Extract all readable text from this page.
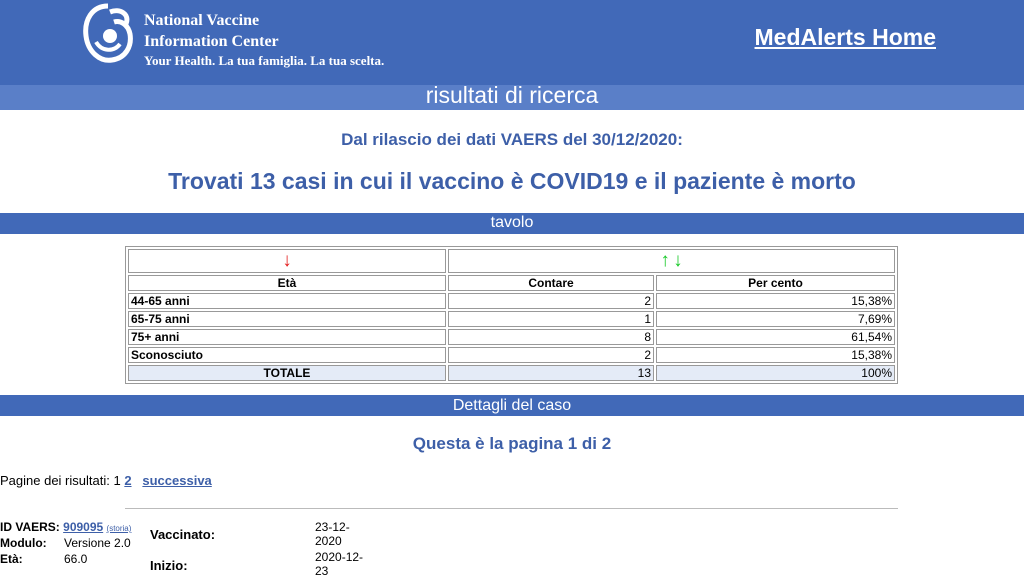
National Vaccine
Information Center
Your Health. La tua famiglia. La tua scelta.
MedAlerts Home
risultati di ricerca
Dal rilascio dei dati VAERS del 30/12/2020:
Trovati 13 casi in cui il vaccino è COVID19 e il paziente è morto
tavolo
↓	↑ ↓	
Età	Contare	Per cento
44-65 anni	2	15,38%
65-75 anni	1	7,69%
75+ anni	8	61,54%
Sconosciuto	2	15,38%
TOTALE	13	100%
Dettagli del caso
Questa è la pagina 1 di 2
Pagine dei risultati: 1 2 successiva
ID VAERS: 909095 (storia)
Modulo: Versione 2.0
Età:	66.0
Vaccinato:	23-12-
2020
Inizio:
2020-12-
23
